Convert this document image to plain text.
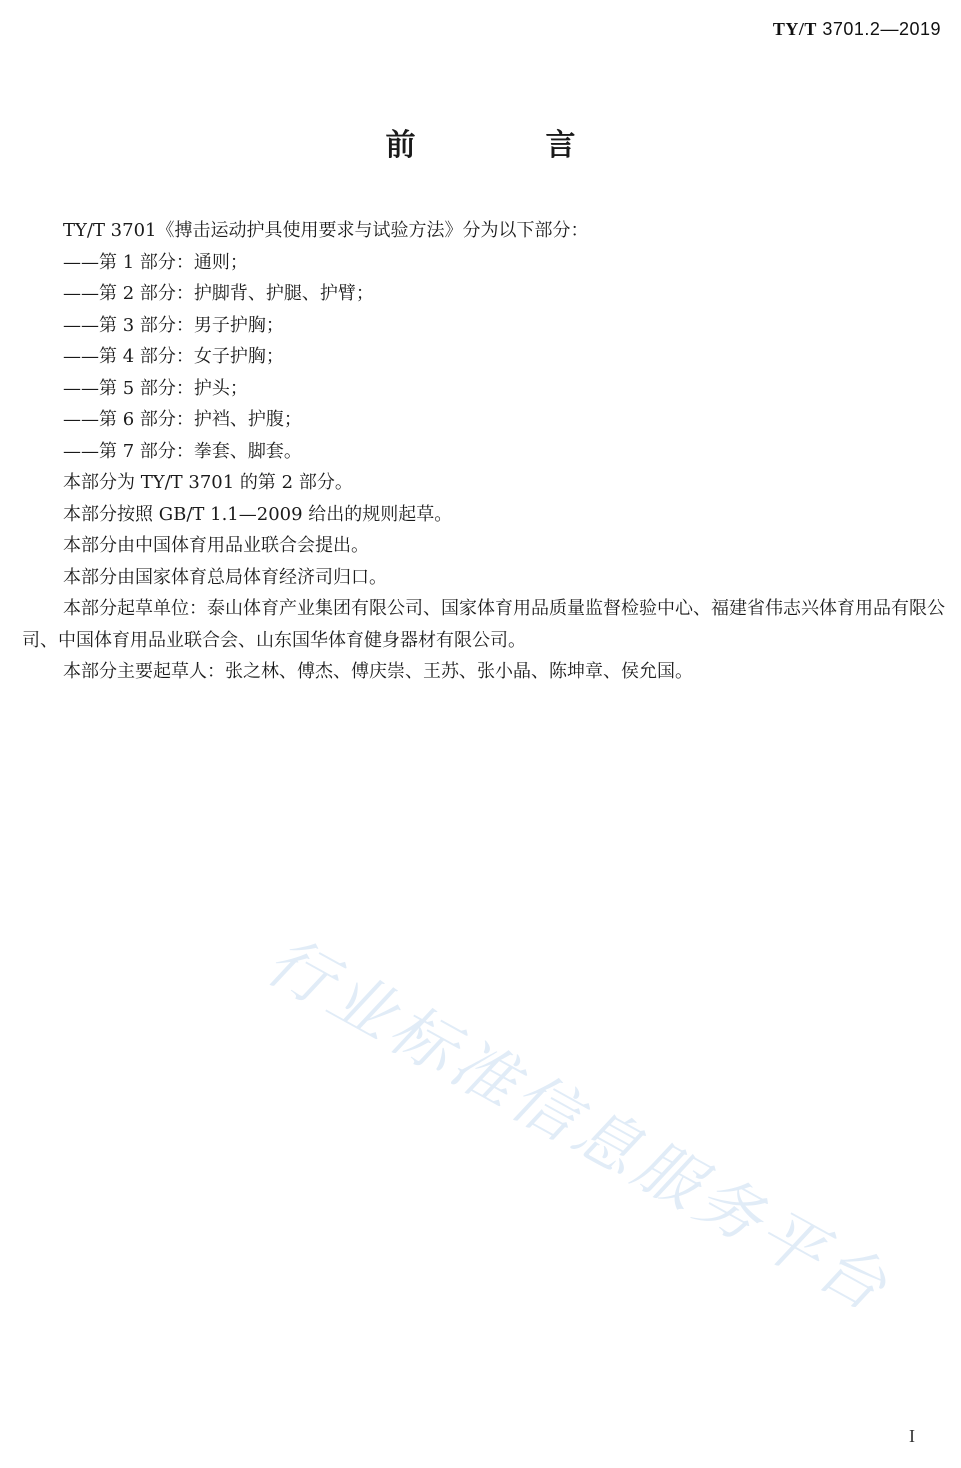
TY/T 3701.2—2019
前　言

TY/T 3701《搏击运动护具使用要求与试验方法》分为以下部分：

——第 1 部分：通则；

——第 2 部分：护脚背、护腿、护臂；

——第 3 部分：男子护胸；

——第 4 部分：女子护胸；

——第 5 部分：护头；

——第 6 部分：护裆、护腹；

——第 7 部分：拳套、脚套。

本部分为 TY/T 3701 的第 2 部分。

本部分按照 GB/T 1.1—2009 给出的规则起草。

本部分由中国体育用品业联合会提出。

本部分由国家体育总局体育经济司归口。

本部分起草单位：泰山体育产业集团有限公司、国家体育用品质量监督检验中心、福建省伟志兴体育用品有限公司、中国体育用品业联合会、山东国华体育健身器材有限公司。

本部分主要起草人：张之林、傅杰、傅庆崇、王苏、张小晶、陈坤章、侯允国。

行业标准信息服务平台
I
